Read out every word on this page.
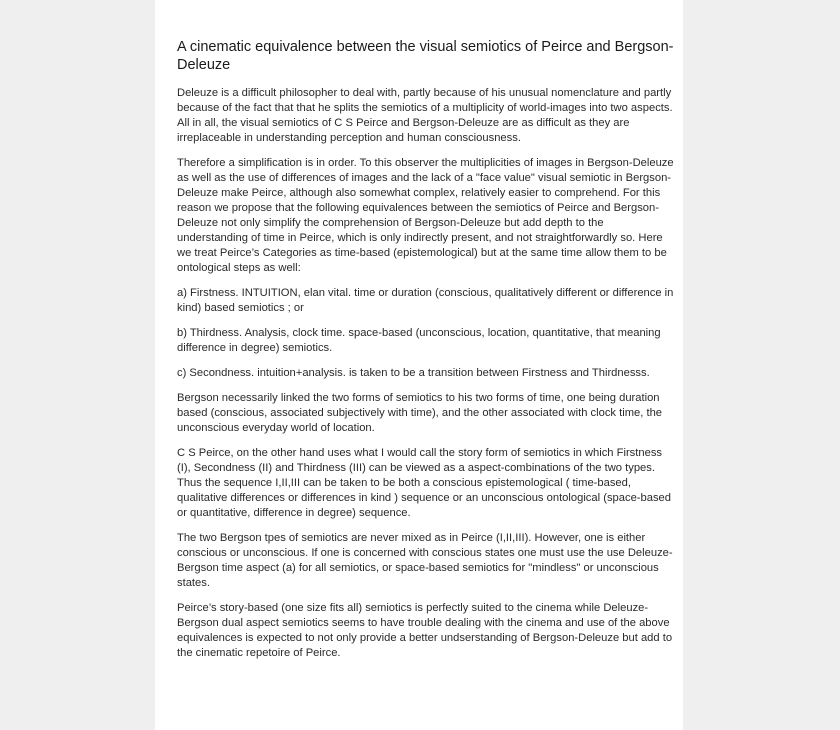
A cinematic equivalence between the visual semiotics of Peirce and Bergson-Deleuze

Deleuze is a difficult philosopher to deal with, partly because of his unusual nomenclature and partly because of the fact that that he splits the semiotics of a multiplicity of world-images into two aspects. All in all, the visual semiotics of C S Peirce and Bergson-Deleuze are as difficult as they are irreplaceable in understanding perception and human consciousness.

Therefore a simplification is in order. To this observer the multiplicities of images in Bergson-Deleuze as well as the use of differences of images and the lack of a "face value" visual semiotic in Bergson-Deleuze make Peirce, although also somewhat complex, relatively easier to comprehend. For this reason we propose that the following equivalences between the semiotics of Peirce and Bergson-Deleuze not only simplify the comprehension of Bergson-Deleuze but add depth to the understanding of time in Peirce, which is only indirectly present, and not straightforwardly so. Here we treat Peirce’s Categories as time-based (epistemological) but at the same time allow them to be ontological steps as well:

a) Firstness. INTUITION, elan vital. time or duration (conscious, qualitatively different or difference in kind) based semiotics ; or

b) Thirdness. Analysis, clock time. space-based (unconscious, location, quantitative, that meaning difference in degree) semiotics.

c) Secondness. intuition+analysis. is taken to be a transition between Firstness and Thirdnesss.

Bergson necessarily linked the two forms of semiotics to his two forms of time, one being duration based (conscious, associated subjectively with time), and the other associated with clock time, the unconscious everyday world of location.

C S Peirce, on the other hand uses what I would call the story form of semiotics in which Firstness (I), Secondness (II) and Thirdness (III) can be viewed as a aspect-combinations of the two types. Thus the sequence I,II,III can be taken to be both a conscious epistemological ( time-based, qualitative differences or differences in kind ) sequence or an unconscious ontological (space-based or quantitative, difference in degree) sequence.

The two Bergson tpes of semiotics are never mixed as in Peirce (I,II,III). However, one is either conscious or unconscious. If one is concerned with conscious states one must use the use Deleuze-Bergson time aspect (a) for all semiotics, or space-based semiotics for "mindless" or unconscious states.

Peirce’s story-based (one size fits all) semiotics is perfectly suited to the cinema while Deleuze-Bergson dual aspect semiotics seems to have trouble dealing with the cinema and use of the above equivalences is expected to not only provide a better undserstanding of Bergson-Deleuze but add to the cinematic repetoire of Peirce.
